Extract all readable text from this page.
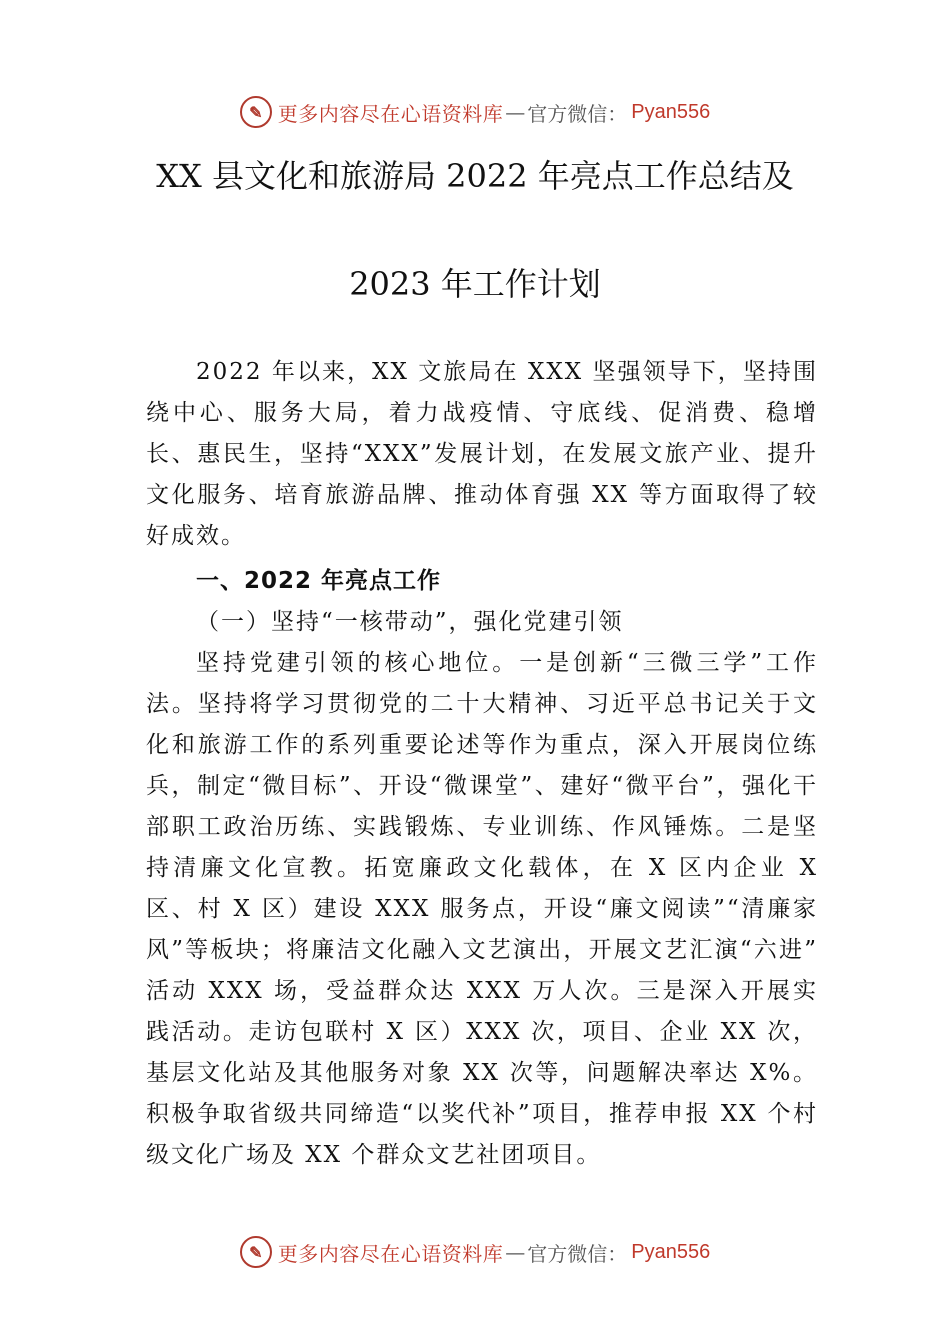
✎ 更多内容尽在心语资料库 — 官方微信： Pyan556
XX 县文化和旅游局 2022 年亮点工作总结及
2023 年工作计划

2022 年以来，XX 文旅局在 XXX 坚强领导下，坚持围绕中心、服务大局，着力战疫情、守底线、促消费、稳增长、惠民生，坚持“XXX”发展计划，在发展文旅产业、提升文化服务、培育旅游品牌、推动体育强 XX 等方面取得了较好成效。

一、2022 年亮点工作
（一）坚持“一核带动”，强化党建引领

坚持党建引领的核心地位。一是创新“三微三学”工作法。坚持将学习贯彻党的二十大精神、习近平总书记关于文化和旅游工作的系列重要论述等作为重点，深入开展岗位练兵，制定“微目标”、开设“微课堂”、建好“微平台”，强化干部职工政治历练、实践锻炼、专业训练、作风锤炼。二是坚持清廉文化宣教。拓宽廉政文化载体，在 X 区内企业 X 区、村 X 区）建设 XXX 服务点，开设“廉文阅读”“清廉家风”等板块；将廉洁文化融入文艺演出，开展文艺汇演“六进” 活动 XXX 场，受益群众达 XXX 万人次。三是深入开展实践活动。走访包联村 X 区）XXX 次，项目、企业 XX 次，基层文化站及其他服务对象 XX 次等，问题解决率达 X%。积极争取省级共同缔造“以奖代补”项目，推荐申报 XX 个村级文化广场及 XX 个群众文艺社团项目。

✎ 更多内容尽在心语资料库 — 官方微信： Pyan556
